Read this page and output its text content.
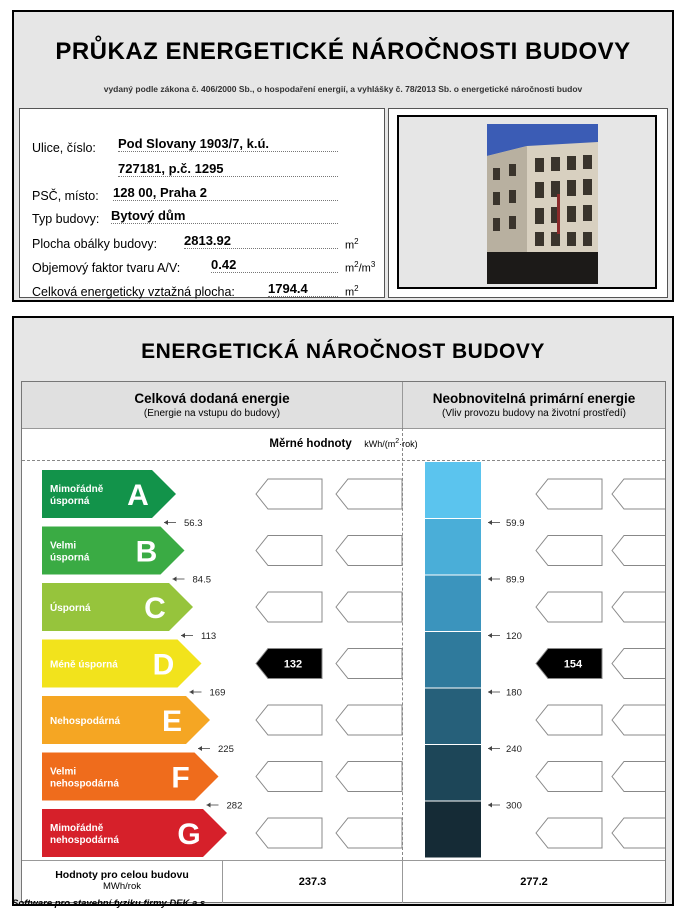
PRŮKAZ ENERGETICKÉ NÁROČNOSTI BUDOVY
vydaný podle zákona č. 406/2000 Sb., o hospodaření energií, a vyhlášky č. 78/2013 Sb. o energetické náročnosti budov
Ulice, číslo: Pod Slovany 1903/7, k.ú.
727181, p.č. 1295
PSČ, místo: 128 00, Praha 2
Typ budovy: Bytový dům
Plocha obálky budovy: 2813.92	$m^2$
Objemový faktor tvaru A/V: 0.42	$m^2/m^3$
Celková energeticky vztažná plocha:	1794.4	$m^2$
ENERGETICKÁ NÁROČNOST BUDOVY
Celková dodaná energie
(Energie na vstupu do budovy)
Neobnovitelná primární energie
(Vliv provozu budovy na životní prostředí)
Měrné hodnoty kWh/$(m^2\cdot rok)$
Mimořádně
úsporná A
Velmi
úsporná B
Úsporná C
Méně úsporná D	132	154
Nehospodárná E
Velmi
nehospodárná F
Mimořádně
nehospodárná G
56.3
84.5
113
169
225
282
59.9
89.9
120
180
240
300
Hodnoty pro celou budovu
MWh/rok	237.3	277.2
Software pro stavební fyziku firmy DEK a.s.
